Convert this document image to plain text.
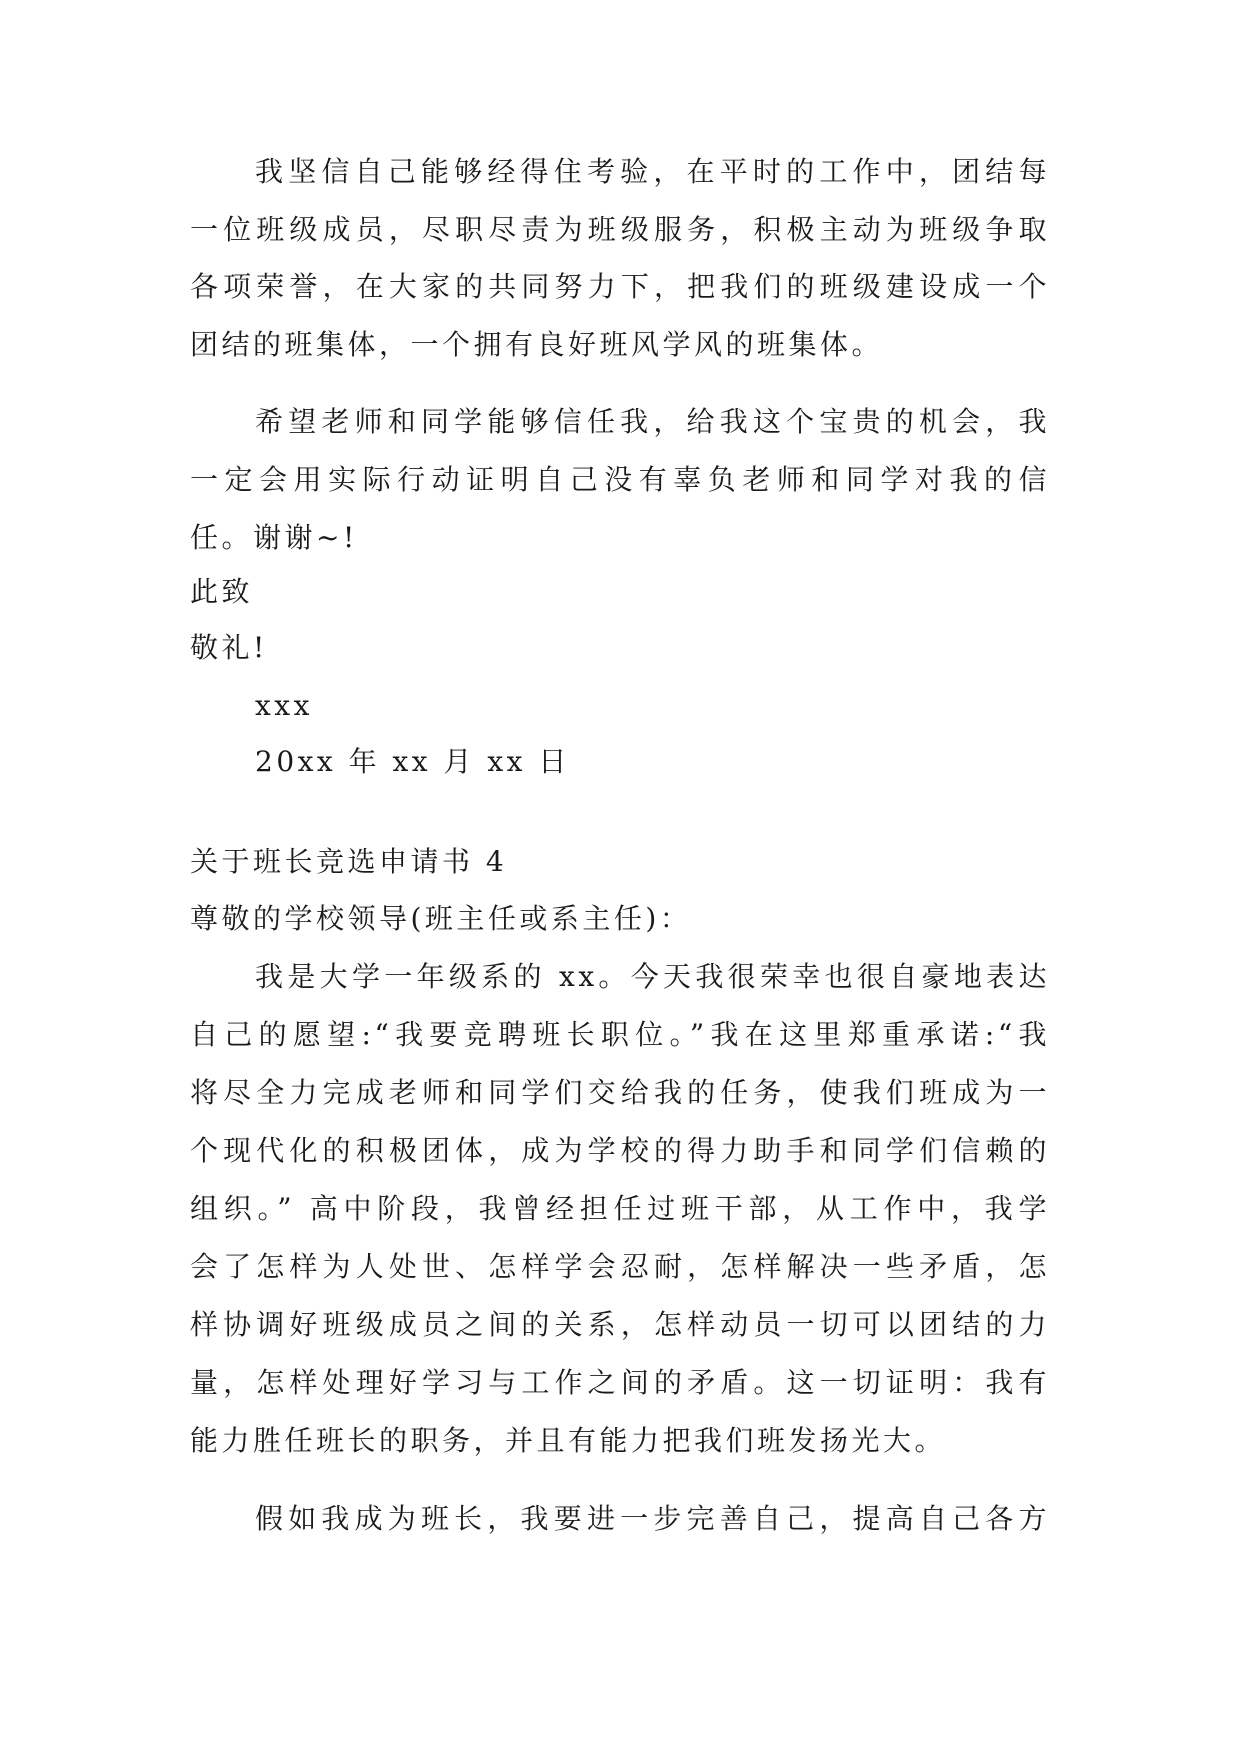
我坚信自己能够经得住考验，在平时的工作中，团结每
一位班级成员，尽职尽责为班级服务，积极主动为班级争取
各项荣誉，在大家的共同努力下，把我们的班级建设成一个
团结的班集体，一个拥有良好班风学风的班集体。
希望老师和同学能够信任我，给我这个宝贵的机会，我
一定会用实际行动证明自己没有辜负老师和同学对我的信
任。谢谢~!
此致
敬礼!
xxx
20xx 年 xx 月 xx 日
关于班长竞选申请书 4
尊敬的学校领导(班主任或系主任)：
我是大学一年级系的 xx。今天我很荣幸也很自豪地表达
自己的愿望:“我要竞聘班长职位。”我在这里郑重承诺:“我
将尽全力完成老师和同学们交给我的任务，使我们班成为一
个现代化的积极团体，成为学校的得力助手和同学们信赖的
组织。” 高中阶段，我曾经担任过班干部，从工作中，我学
会了怎样为人处世、怎样学会忍耐，怎样解决一些矛盾，怎
样协调好班级成员之间的关系，怎样动员一切可以团结的力
量，怎样处理好学习与工作之间的矛盾。这一切证明：我有
能力胜任班长的职务，并且有能力把我们班发扬光大。
假如我成为班长，我要进一步完善自己，提高自己各方
